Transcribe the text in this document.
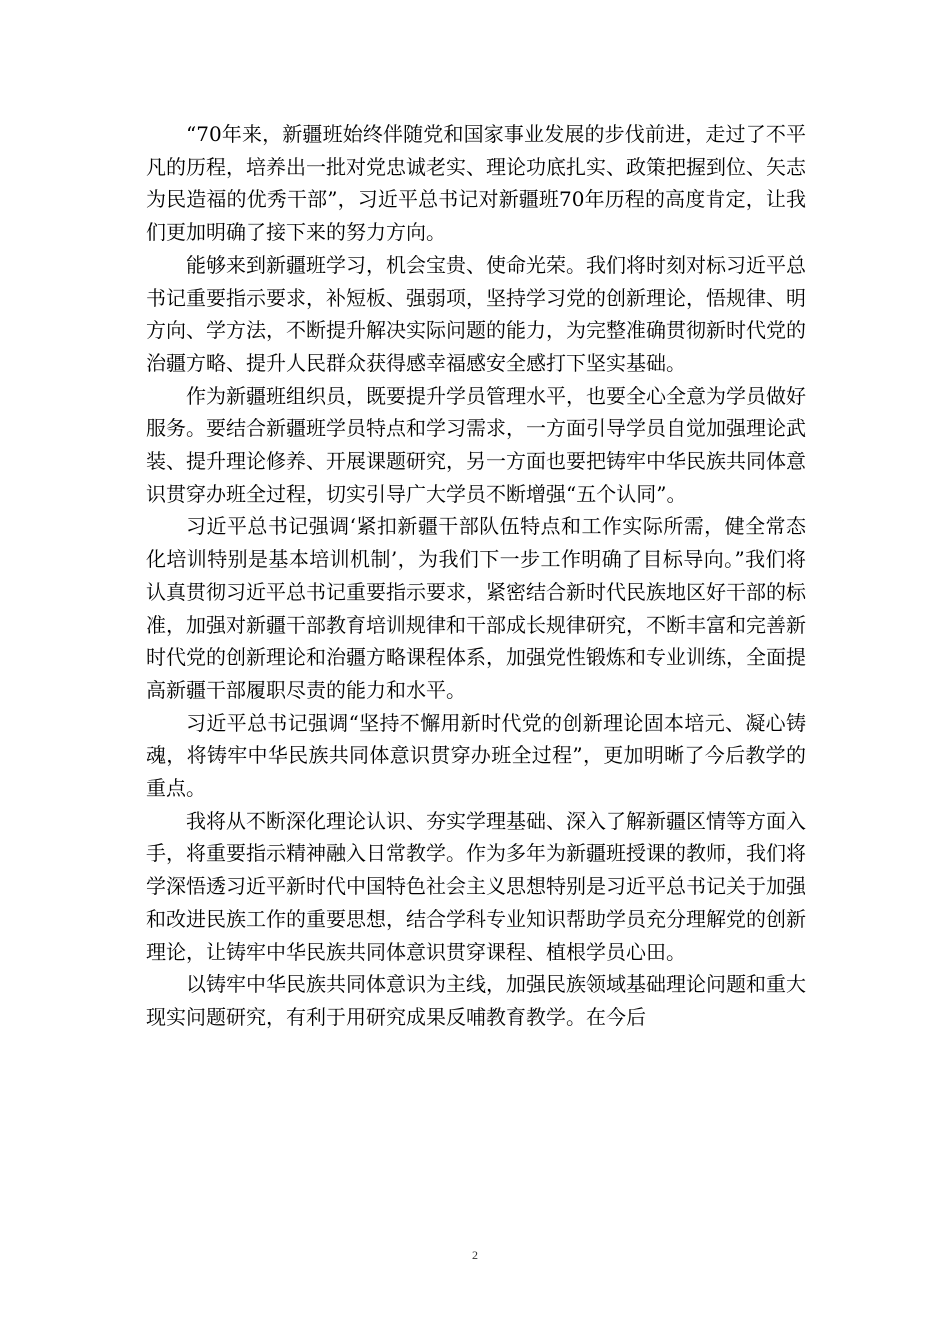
“70年来，新疆班始终伴随党和国家事业发展的步伐前进，走过了不平凡的历程，培养出一批对党忠诚老实、理论功底扎实、政策把握到位、矢志为民造福的优秀干部”，习近平总书记对新疆班70年历程的高度肯定，让我们更加明确了接下来的努力方向。

能够来到新疆班学习，机会宝贵、使命光荣。我们将时刻对标习近平总书记重要指示要求，补短板、强弱项，坚持学习党的创新理论，悟规律、明方向、学方法，不断提升解决实际问题的能力，为完整准确贯彻新时代党的治疆方略、提升人民群众获得感幸福感安全感打下坚实基础。

作为新疆班组织员，既要提升学员管理水平，也要全心全意为学员做好服务。要结合新疆班学员特点和学习需求，一方面引导学员自觉加强理论武装、提升理论修养、开展课题研究，另一方面也要把铸牢中华民族共同体意识贯穿办班全过程，切实引导广大学员不断增强“五个认同”。

习近平总书记强调‘紧扣新疆干部队伍特点和工作实际所需，健全常态化培训特别是基本培训机制’，为我们下一步工作明确了目标导向。”我们将认真贯彻习近平总书记重要指示要求，紧密结合新时代民族地区好干部的标准，加强对新疆干部教育培训规律和干部成长规律研究，不断丰富和完善新时代党的创新理论和治疆方略课程体系，加强党性锻炼和专业训练，全面提高新疆干部履职尽责的能力和水平。

习近平总书记强调“坚持不懈用新时代党的创新理论固本培元、凝心铸魂，将铸牢中华民族共同体意识贯穿办班全过程”，更加明晰了今后教学的重点。

我将从不断深化理论认识、夯实学理基础、深入了解新疆区情等方面入手，将重要指示精神融入日常教学。作为多年为新疆班授课的教师，我们将学深悟透习近平新时代中国特色社会主义思想特别是习近平总书记关于加强和改进民族工作的重要思想，结合学科专业知识帮助学员充分理解党的创新理论，让铸牢中华民族共同体意识贯穿课程、植根学员心田。

以铸牢中华民族共同体意识为主线，加强民族领域基础理论问题和重大现实问题研究，有利于用研究成果反哺教育教学。在今后

2
